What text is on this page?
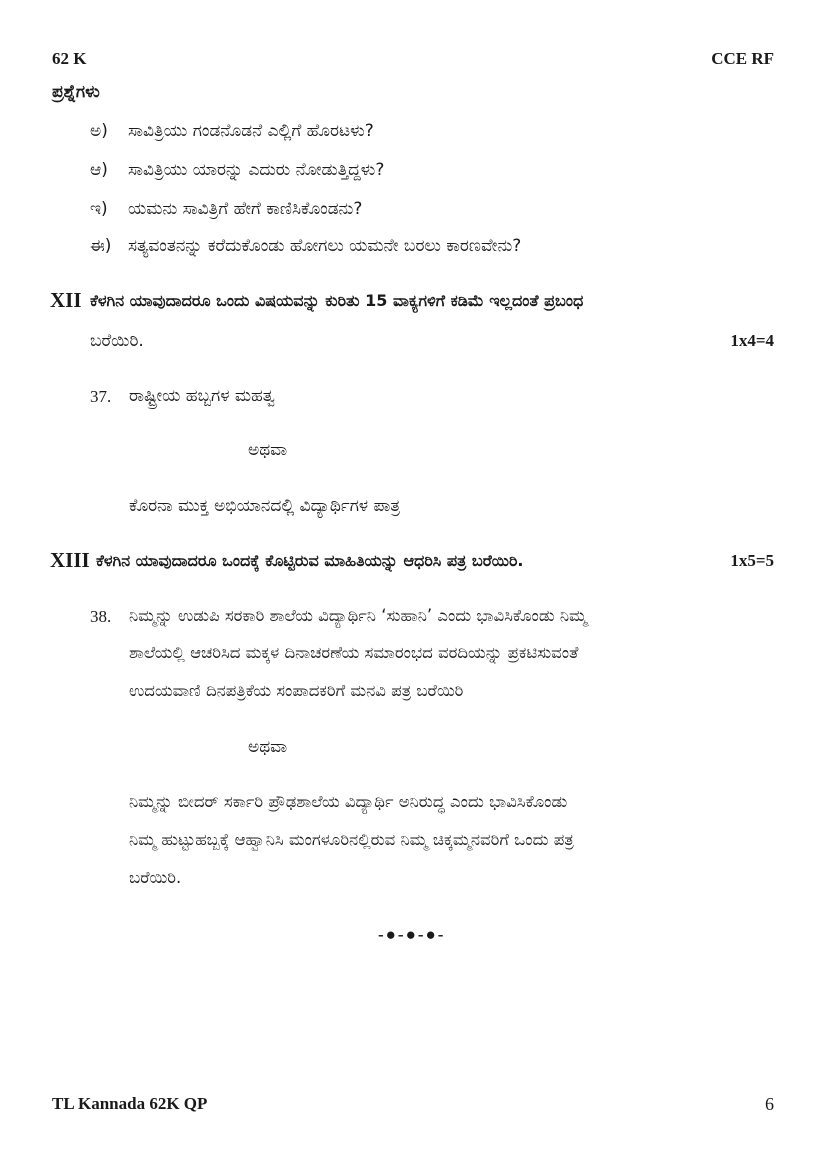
62 K	CCE RF
ಪ್ರಶ್ನೆಗಳು
ಅ) ಸಾವಿತ್ರಿಯು ಗಂಡನೊಡನೆ ಎಲ್ಲಿಗೆ ಹೊರಟಳು?
ಆ) ಸಾವಿತ್ರಿಯು ಯಾರನ್ನು ಎದುರು ನೋಡುತ್ತಿದ್ದಳು?
ಇ) ಯಮನು ಸಾವಿತ್ರಿಗೆ ಹೇಗೆ ಕಾಣಿಸಿಕೊಂಡನು?
ಈ) ಸತ್ಯವಂತನನ್ನು ಕರೆದುಕೊಂಡು ಹೋಗಲು ಯಮನೇ ಬರಲು ಕಾರಣವೇನು?
XII ಕೆಳಗಿನ ಯಾವುದಾದರೂ ಒಂದು ವಿಷಯವನ್ನು ಕುರಿತು 15 ವಾಕ್ಯಗಳಿಗೆ ಕಡಿಮೆ ಇಲ್ಲದಂತೆ ಪ್ರಬಂಧ
ಬರೆಯಿರಿ.	1x4=4
37. ರಾಷ್ಟ್ರೀಯ ಹಬ್ಬಗಳ ಮಹತ್ವ
ಅಥವಾ
ಕೊರನಾ ಮುಕ್ತ ಅಭಿಯಾನದಲ್ಲಿ ವಿದ್ಯಾರ್ಥಿಗಳ ಪಾತ್ರ
XIII ಕೆಳಗಿನ ಯಾವುದಾದರೂ ಒಂದಕ್ಕೆ ಕೊಟ್ಟಿರುವ ಮಾಹಿತಿಯನ್ನು ಆಧರಿಸಿ ಪತ್ರ ಬರೆಯಿರಿ.	1x5=5
38. ನಿಮ್ಮನ್ನು ಉಡುಪಿ ಸರಕಾರಿ ಶಾಲೆಯ ವಿದ್ಯಾರ್ಥಿನಿ ‘ಸುಹಾನಿ’ ಎಂದು ಭಾವಿಸಿಕೊಂಡು ನಿಮ್ಮ
ಶಾಲೆಯಲ್ಲಿ ಆಚರಿಸಿದ ಮಕ್ಕಳ ದಿನಾಚರಣೆಯ ಸಮಾರಂಭದ ವರದಿಯನ್ನು ಪ್ರಕಟಿಸುವಂತೆ
ಉದಯವಾಣಿ ದಿನಪತ್ರಿಕೆಯ ಸಂಪಾದಕರಿಗೆ ಮನವಿ ಪತ್ರ ಬರೆಯಿರಿ
ಅಥವಾ
ನಿಮ್ಮನ್ನು ಬೀದರ್ ಸರ್ಕಾರಿ ಪ್ರೌಢಶಾಲೆಯ ವಿದ್ಯಾರ್ಥಿ ಅನಿರುದ್ಧ ಎಂದು ಭಾವಿಸಿಕೊಂಡು
ನಿಮ್ಮ ಹುಟ್ಟುಹಬ್ಬಕ್ಕೆ ಆಹ್ವಾನಿಸಿ ಮಂಗಳೂರಿನಲ್ಲಿರುವ ನಿಮ್ಮ ಚಿಕ್ಕಮ್ಮನವರಿಗೆ ಒಂದು ಪತ್ರ
ಬರೆಯಿರಿ.
-●-●-●-
TL Kannada 62K QP	6
